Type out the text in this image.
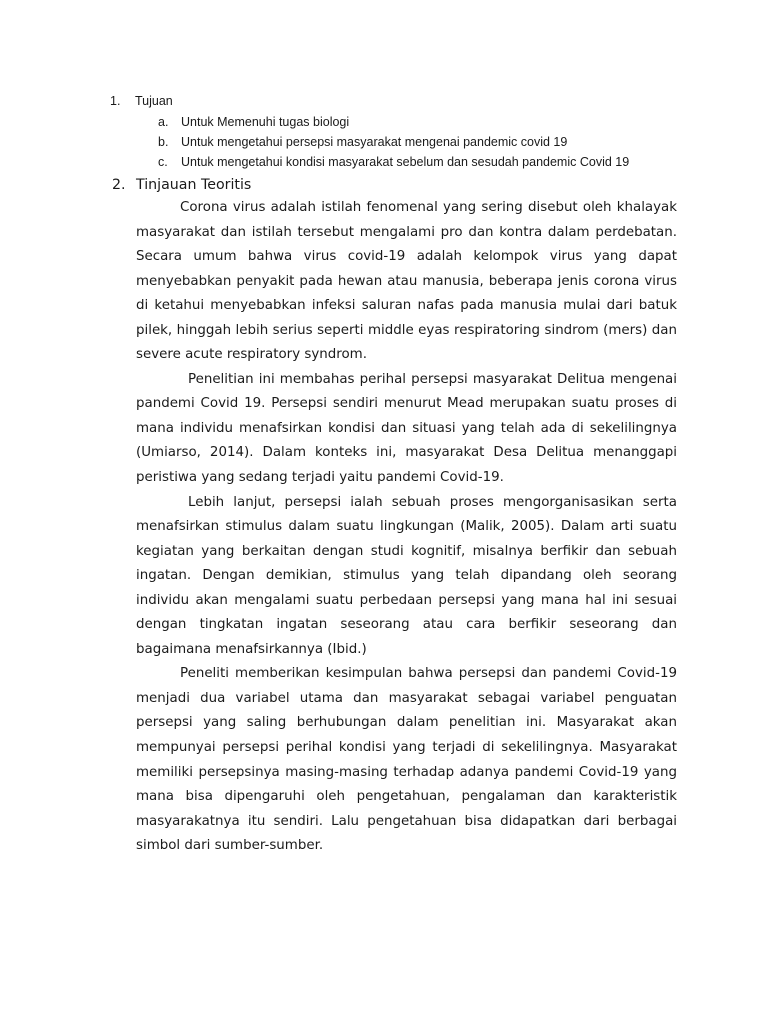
1. Tujuan
a. Untuk Memenuhi tugas biologi
b. Untuk mengetahui persepsi masyarakat mengenai pandemic covid 19
c. Untuk mengetahui kondisi masyarakat sebelum dan sesudah pandemic Covid 19
2. Tinjauan Teoritis

Corona virus adalah istilah fenomenal yang sering disebut oleh khalayak masyarakat dan istilah tersebut mengalami pro dan kontra dalam perdebatan. Secara umum bahwa virus covid-19 adalah kelompok virus yang dapat menyebabkan penyakit pada hewan atau manusia, beberapa jenis corona virus di ketahui menyebabkan infeksi saluran nafas pada manusia mulai dari batuk pilek, hinggah lebih serius seperti middle eyas respiratoring sindrom (mers) dan severe acute respiratory syndrom.

Penelitian ini membahas perihal persepsi masyarakat Delitua mengenai pandemi Covid 19. Persepsi sendiri menurut Mead merupakan suatu proses di mana individu menafsirkan kondisi dan situasi yang telah ada di sekelilingnya (Umiarso, 2014). Dalam konteks ini, masyarakat Desa Delitua menanggapi peristiwa yang sedang terjadi yaitu pandemi Covid-19.

Lebih lanjut, persepsi ialah sebuah proses mengorganisasikan serta menafsirkan stimulus dalam suatu lingkungan (Malik, 2005). Dalam arti suatu kegiatan yang berkaitan dengan studi kognitif, misalnya berfikir dan sebuah ingatan. Dengan demikian, stimulus yang telah dipandang oleh seorang individu akan mengalami suatu perbedaan persepsi yang mana hal ini sesuai dengan tingkatan ingatan seseorang atau cara berfikir seseorang dan bagaimana menafsirkannya (Ibid.)

Peneliti memberikan kesimpulan bahwa persepsi dan pandemi Covid-19 menjadi dua variabel utama dan masyarakat sebagai variabel penguatan persepsi yang saling berhubungan dalam penelitian ini. Masyarakat akan mempunyai persepsi perihal kondisi yang terjadi di sekelilingnya. Masyarakat memiliki persepsinya masing-masing terhadap adanya pandemi Covid-19 yang mana bisa dipengaruhi oleh pengetahuan, pengalaman dan karakteristik masyarakatnya itu sendiri. Lalu pengetahuan bisa didapatkan dari berbagai simbol dari sumber-sumber.
